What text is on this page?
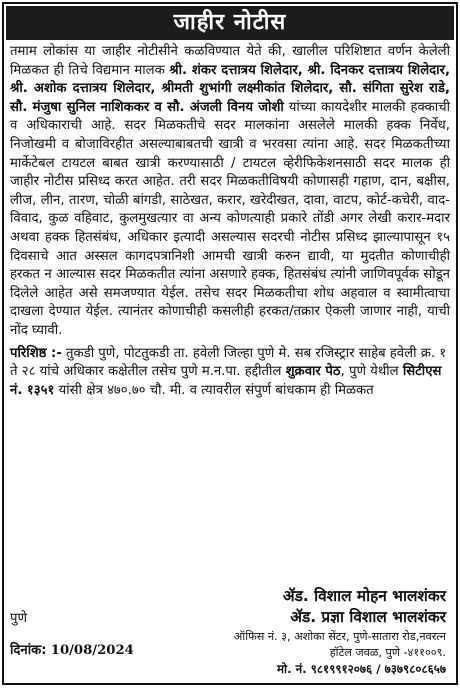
जाहीर नोटीस
तमाम लोकांस या जाहीर नोटीसीने कळविण्यात येते की, खालील परिशिष्टात वर्णन केलेली मिळकत ही तिचे विद्यमान मालक श्री. शंकर दत्तात्रय शिलेदार, श्री. दिनकर दत्तात्रय शिलेदार, श्री. अशोक दत्तात्रय शिलेदार, श्रीमती शुभांगी लक्ष्मीकांत शिलेदार, सौ. संगिता सुरेश राडे, सौ. मंजुषा सुनिल नाशिककर व सौ. अंजली विनय जोशी यांच्या कायदेशीर मालकी हक्काची व अधिकाराची आहे. सदर मिळकतीचे सदर मालकांना असलेले मालकी हक्क निर्वेध, निजोखमी व बोजाविरहीत असल्याबाबतची खात्री व भरवसा त्यांना आहे. सदर मिळकतीच्या मार्केटेबल टायटल बाबत खात्री करण्यासाठी / टायटल व्हेरीफिकेशनसाठी सदर मालक ही जाहीर नोटीस प्रसिध्द करत आहेत. तरी सदर मिळकतीविषयी कोणासही गहाण, दान, बक्षीस, लीज, लीन, तारण, चोळी बांगडी, साठेखत, करार, खरेदीखत, दावा, वाटप, कोर्ट-कचेरी, वाद- विवाद, कुळ वहिवाट, कुलमुखत्यार वा अन्य कोणत्याही प्रकारे तोंडी अगर लेखी करार-मदार अथवा हक्क हितसंबंध, अधिकार इत्यादी असल्यास सदरची नोटीस प्रसिध्द झाल्यापासून १५ दिवसाचे आत अस्सल कागदपत्रानिशी आमची खात्री करुन द्यावी, या मुदतीत कोणाचीही हरकत न आल्यास सदर मिळकतीत त्यांना असणारे हक्क, हितसंबंध त्यांनी जाणिवपूर्वक सोडून दिलेले आहेत असे समजण्यात येईल. तसेच सदर मिळकतीचा शोध अहवाल व स्वामीत्वाचा दाखला देण्यात येईल. त्यानंतर कोणाचीही कसलीही हरकत/तक्रार ऐकली जाणार नाही, याची नोंद घ्यावी.
परिशिष्ठ :- तुकडी पुणे, पोटतुकडी ता. हवेली जिल्हा पुणे मे. सब रजिस्ट्रार साहेब हवेली क्र. १ ते २८ यांचे अधिकार कक्षेतील तसेच पुणे म.न.पा. हद्दीतील शुक्रवार पेठ, पुणे येथील सिटीएस नं. १३५१ यांसी क्षेत्र ४७०.७० चौ. मी. व त्यावरील संपुर्ण बांधकाम ही मिळकत
ॲड. विशाल मोहन भालशंकर
ॲड. प्रज्ञा विशाल भालशंकर
ऑफिस नं. ३, अशोका सेंटर, पुणे-सातारा रोड,नवरत्न
हॉटेल जवळ, पुणे -४११००९.
मो. नं. ९८१९९१२०७६ / ७३७९८०८६५७
पुणे
दिनांक: 10/08/2024
